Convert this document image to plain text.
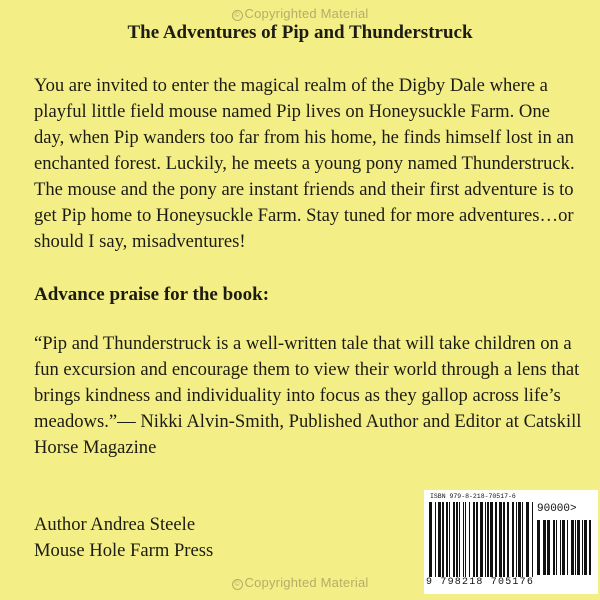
© Copyrighted Material
The Adventures of Pip and Thunderstruck

You are invited to enter the magical realm of the Digby Dale where a playful little field mouse named Pip lives on Honeysuckle Farm. One day, when Pip wanders too far from his home, he finds himself lost in an enchanted forest. Luckily, he meets a young pony named Thunderstruck. The mouse and the pony are instant friends and their first adventure is to get Pip home to Honeysuckle Farm. Stay tuned for more adventures…or should I say, misadventures!

Advance praise for the book:

“Pip and Thunderstruck is a well-written tale that will take children on a fun excursion and encourage them to view their world through a lens that brings kindness and individuality into focus as they gallop across life’s meadows.”— Nikki Alvin-Smith, Published Author and Editor at Catskill Horse Magazine

Author Andrea Steele
Mouse Hole Farm Press
ISBN 979-8-218-70517-6
90000>
9 798218 705176
© Copyrighted Material
